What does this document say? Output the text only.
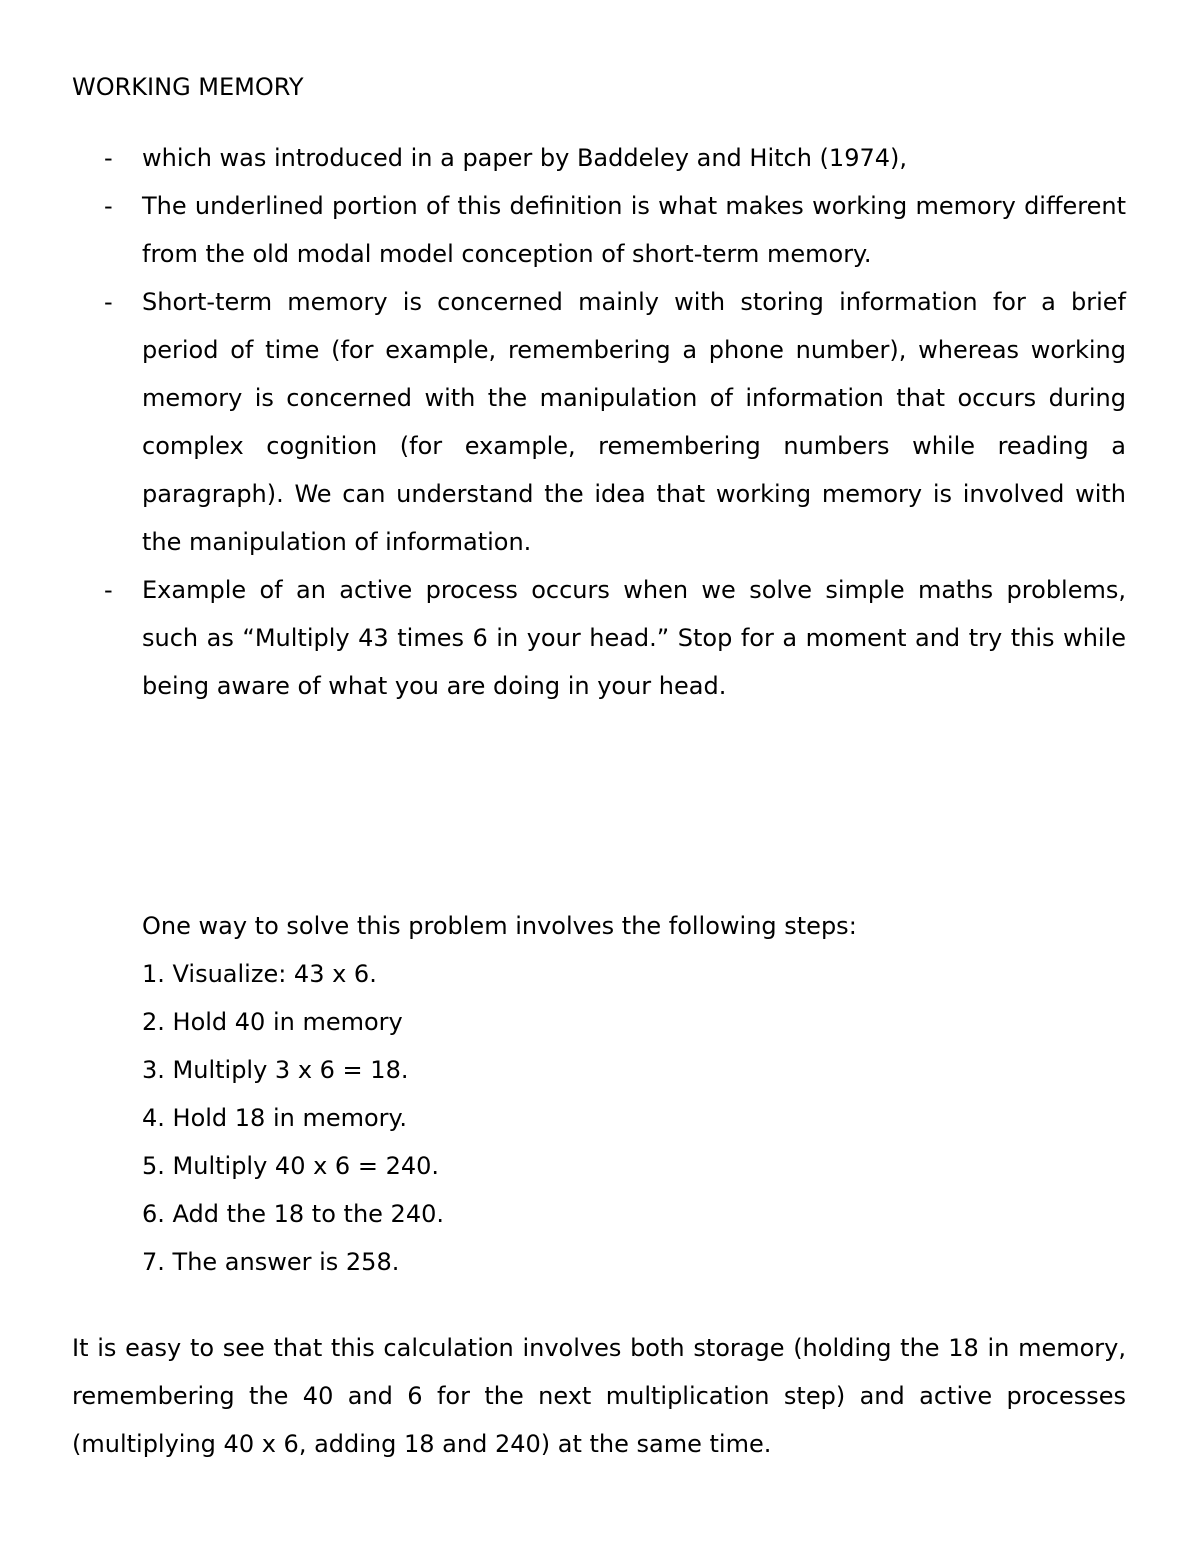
WORKING MEMORY
- which was introduced in a paper by Baddeley and Hitch (1974),
- The underlined portion of this definition is what makes working memory different from the old modal model conception of short-term memory.
- Short-term memory is concerned mainly with storing information for a brief period of time (for example, remembering a phone number), whereas working memory is concerned with the manipulation of information that occurs during complex cognition (for example, remembering numbers while reading a paragraph). We can understand the idea that working memory is involved with the manipulation of information.
- Example of an active process occurs when we solve simple maths problems, such as “Multiply 43 times 6 in your head.” Stop for a moment and try this while being aware of what you are doing in your head.
One way to solve this problem involves the following steps:
1. Visualize: 43 x 6.
2. Hold 40 in memory
3. Multiply 3 x 6 = 18.
4. Hold 18 in memory.
5. Multiply 40 x 6 = 240.
6. Add the 18 to the 240.
7. The answer is 258.

It is easy to see that this calculation involves both storage (holding the 18 in memory, remembering the 40 and 6 for the next multiplication step) and active processes (multiplying 40 x 6, adding 18 and 240) at the same time.
